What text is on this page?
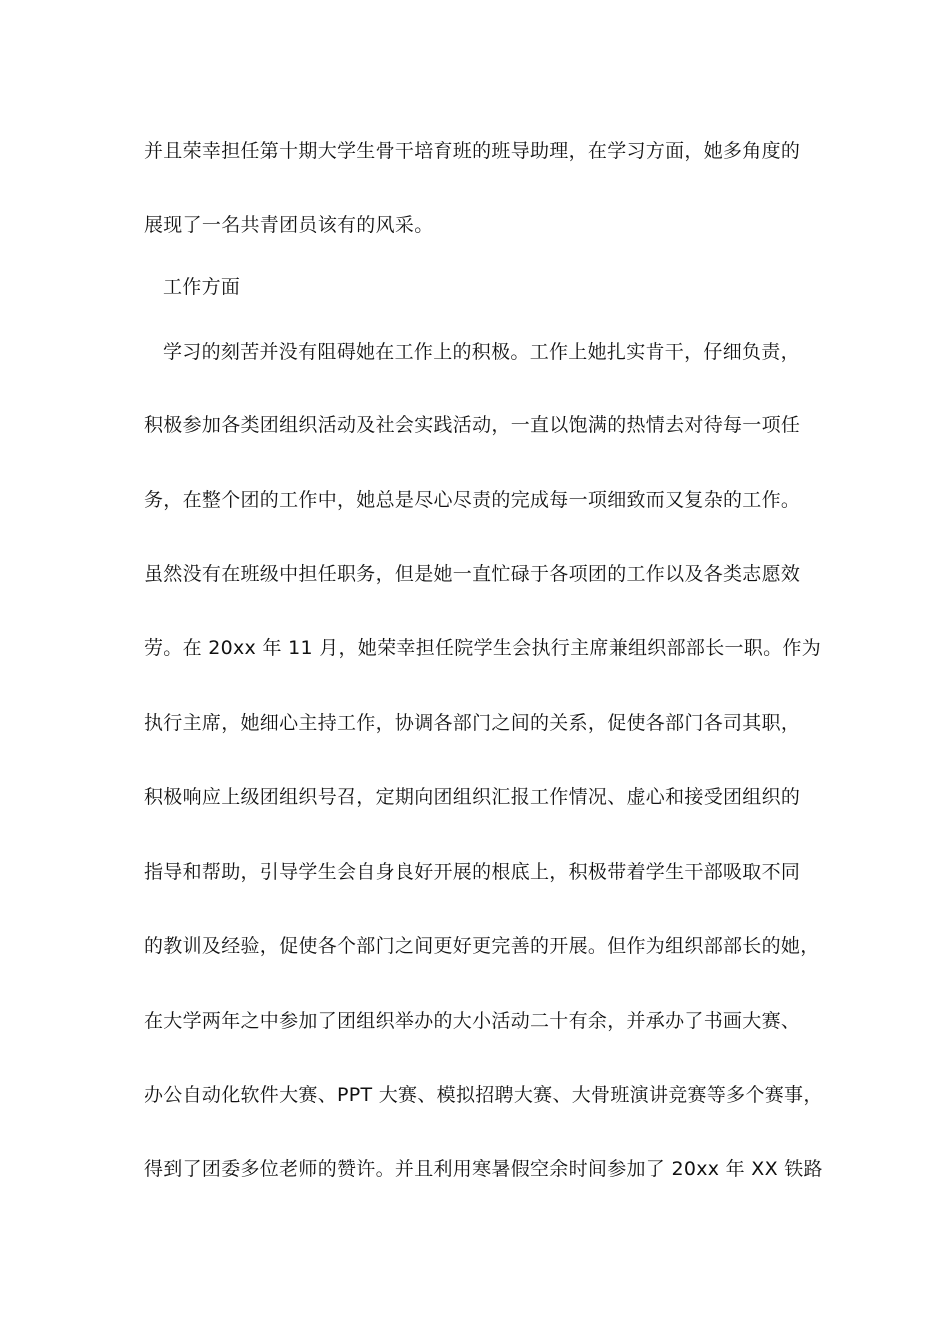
并且荣幸担任第十期大学生骨干培育班的班导助理，在学习方面，她多角度的
展现了一名共青团员该有的风采。
工作方面
学习的刻苦并没有阻碍她在工作上的积极。工作上她扎实肯干，仔细负责，
积极参加各类团组织活动及社会实践活动，一直以饱满的热情去对待每一项任
务，在整个团的工作中，她总是尽心尽责的完成每一项细致而又复杂的工作。
虽然没有在班级中担任职务，但是她一直忙碌于各项团的工作以及各类志愿效
劳。在 20xx 年 11 月，她荣幸担任院学生会执行主席兼组织部部长一职。作为
执行主席，她细心主持工作，协调各部门之间的关系，促使各部门各司其职，
积极响应上级团组织号召，定期向团组织汇报工作情况、虚心和接受团组织的
指导和帮助，引导学生会自身良好开展的根底上，积极带着学生干部吸取不同
的教训及经验，促使各个部门之间更好更完善的开展。但作为组织部部长的她，
在大学两年之中参加了团组织举办的大小活动二十有余，并承办了书画大赛、
办公自动化软件大赛、PPT 大赛、模拟招聘大赛、大骨班演讲竞赛等多个赛事，
得到了团委多位老师的赞许。并且利用寒暑假空余时间参加了 20xx 年 XX 铁路
